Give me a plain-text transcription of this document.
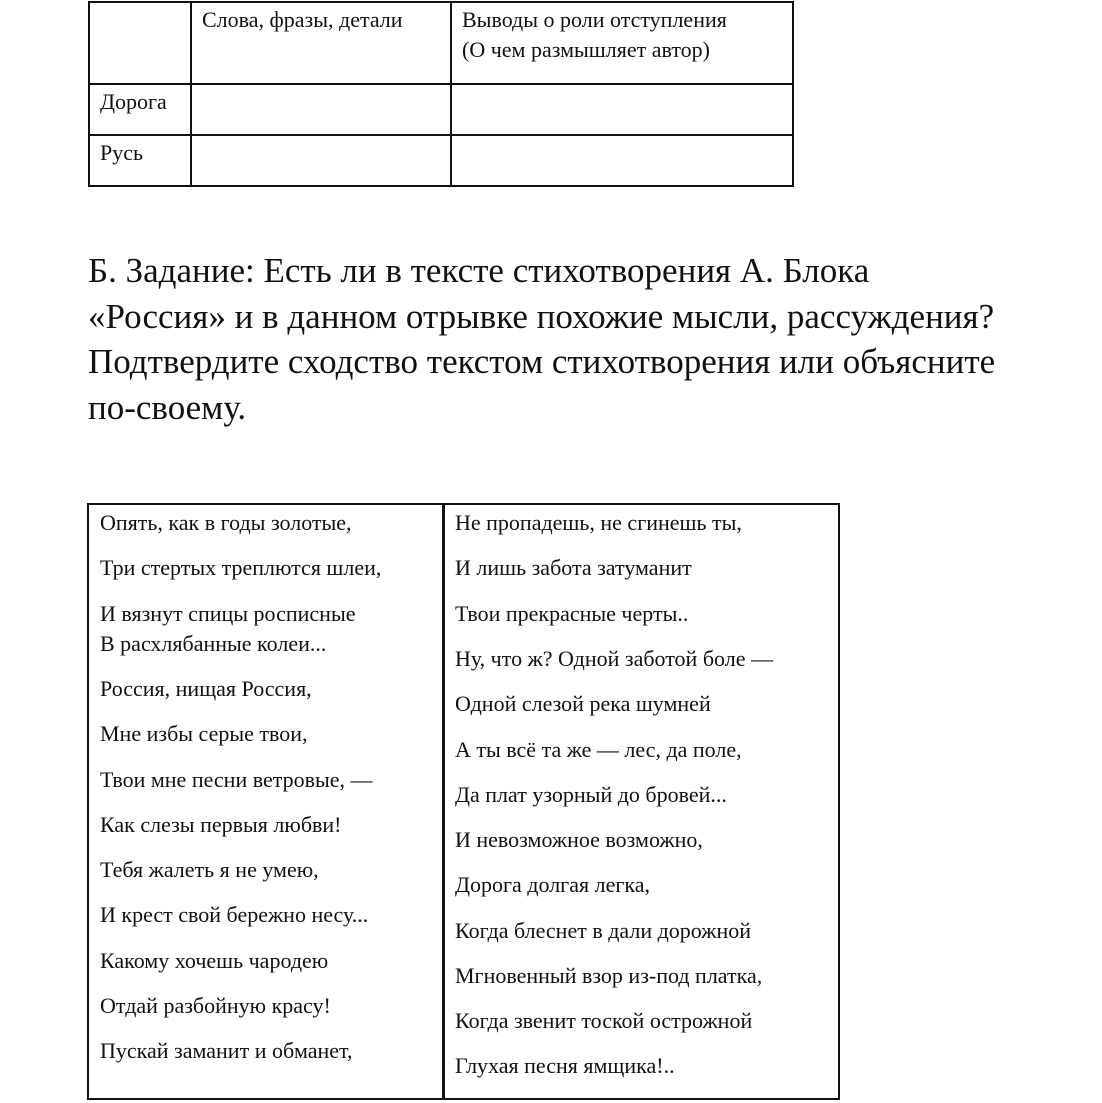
	Слова, фразы, детали	Выводы о роли отступления
(О чем размышляет автор)

Дорога		
Русь		

Б. Задание: Есть ли в тексте стихотворения А. Блока
«Россия» и в данном отрывке похожие мысли, рассуждения?
Подтвердите сходство текстом стихотворения или объясните
по-своему.

Опять, как в годы золотые,
Три стертых треплются шлеи,
И вязнут спицы росписные
В расхлябанные колеи...
Россия, нищая Россия,
Мне избы серые твои,
Твои мне песни ветровые, —
Как слезы первыя любви!
Тебя жалеть я не умею,
И крест свой бережно несу...
Какому хочешь чародею
Отдай разбойную красу!
Пускай заманит и обманет,
Не пропадешь, не сгинешь ты,
И лишь забота затуманит
Твои прекрасные черты..
Ну, что ж? Одной заботой боле —
Одной слезой река шумней
А ты всё та же — лес, да поле,
Да плат узорный до бровей...
И невозможное возможно,
Дорога долгая легка,
Когда блеснет в дали дорожной
Мгновенный взор из-под платка,
Когда звенит тоской острожной
Глухая песня ямщика!..
